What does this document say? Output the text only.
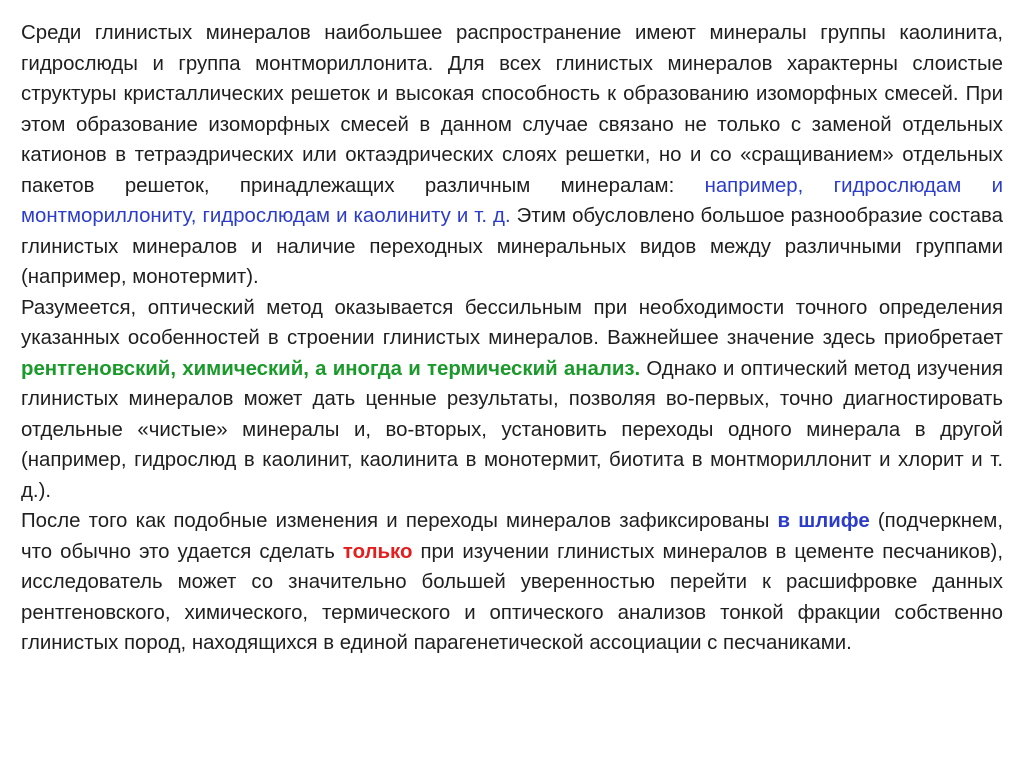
Среди глинистых минералов наибольшее распространение имеют минералы группы каолинита, гидрослюды и группа монтмориллонита. Для всех глинистых минералов характерны слоистые структуры кристаллических решеток и высокая способность к образованию изоморфных смесей. При этом образование изоморфных смесей в данном случае связано не только с заменой отдельных катионов в тетраэдрических или октаэдрических слоях решетки, но и со «сращиванием» отдельных пакетов решеток, принадлежащих различным минералам: например, гидрослюдам и монтмориллониту, гидрослюдам и каолиниту и т. д. Этим обусловлено большое разнообразие состава глинистых минералов и наличие переходных минеральных видов между различными группами (например, монотермит).

Разумеется, оптический метод оказывается бессильным при необходимости точного определения указанных особенностей в строении глинистых минералов. Важнейшее значение здесь приобретает рентгеновский, химический, а иногда и термический анализ. Однако и оптический метод изучения глинистых минералов может дать ценные результаты, позволяя во-первых, точно диагностировать отдельные «чистые» минералы и, во-вторых, установить переходы одного минерала в другой (например, гидрослюд в каолинит, каолинита в монотермит, биотита в монтмориллонит и хлорит и т. д.).

После того как подобные изменения и переходы минералов зафиксированы в шлифе (подчеркнем, что обычно это удается сделать только при изучении глинистых минералов в цементе песчаников), исследователь может со значительно большей уверенностью перейти к расшифровке данных рентгеновского, химического, термического и оптического анализов тонкой фракции собственно глинистых пород, находящихся в единой парагенетической ассоциации с песчаниками.
